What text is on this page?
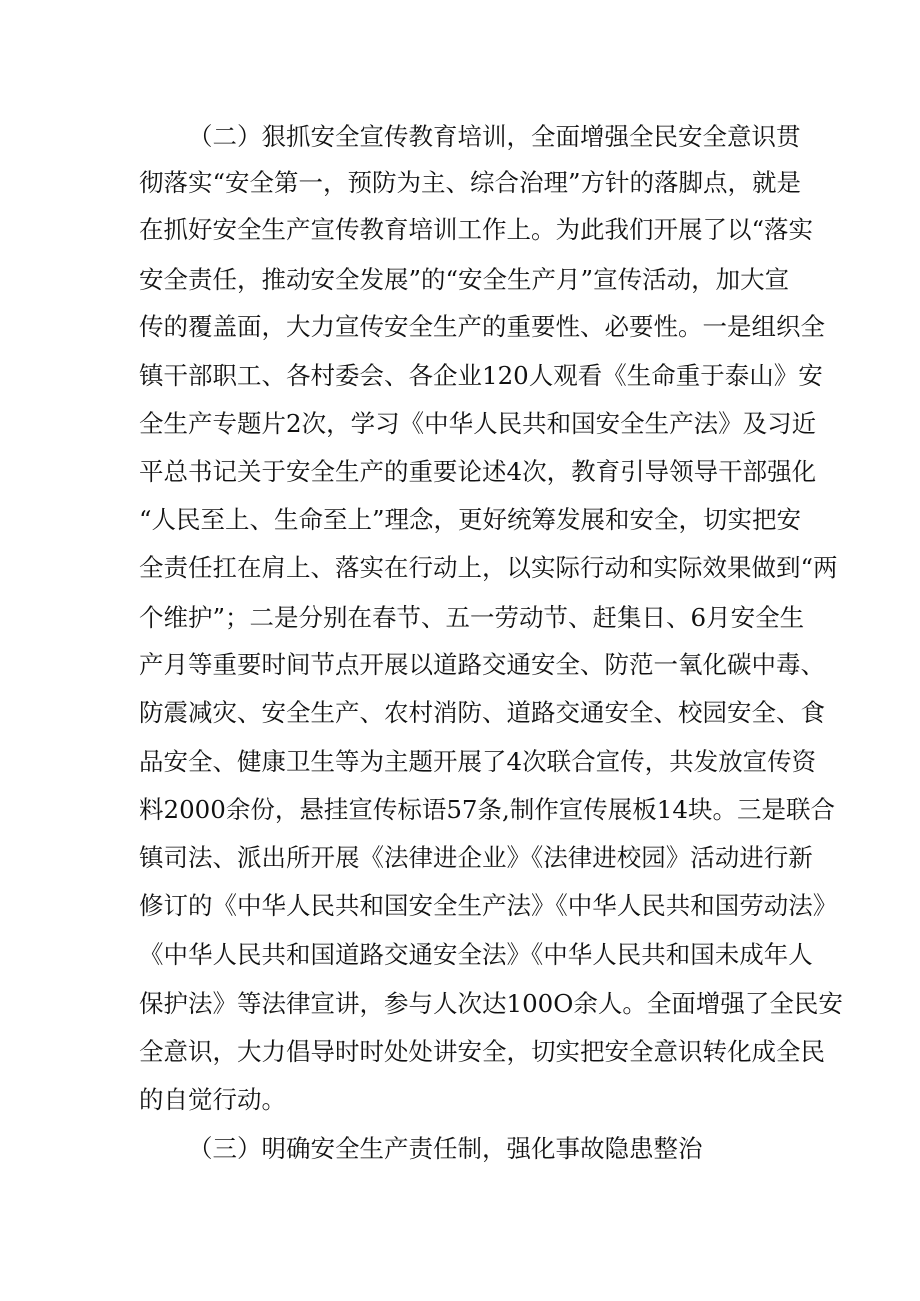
（二）狠抓安全宣传教育培训，全面增强全民安全意识贯
彻落实“安全第一，预防为主、综合治理”方针的落脚点，就是
在抓好安全生产宣传教育培训工作上。为此我们开展了以“落实
安全责任，推动安全发展”的“安全生产月”宣传活动，加大宣
传的覆盖面，大力宣传安全生产的重要性、必要性。一是组织全
镇干部职工、各村委会、各企业120人观看《生命重于泰山》安
全生产专题片2次，学习《中华人民共和国安全生产法》及习近
平总书记关于安全生产的重要论述4次，教育引导领导干部强化
“人民至上、生命至上”理念，更好统筹发展和安全，切实把安
全责任扛在肩上、落实在行动上，以实际行动和实际效果做到“两
个维护”；二是分别在春节、五一劳动节、赶集日、6月安全生
产月等重要时间节点开展以道路交通安全、防范一氧化碳中毒、
防震减灾、安全生产、农村消防、道路交通安全、校园安全、食
品安全、健康卫生等为主题开展了4次联合宣传，共发放宣传资
料2000余份，悬挂宣传标语57条,制作宣传展板14块。三是联合
镇司法、派出所开展《法律进企业》《法律进校园》活动进行新
修订的《中华人民共和国安全生产法》《中华人民共和国劳动法》
《中华人民共和国道路交通安全法》《中华人民共和国未成年人
保护法》等法律宣讲，参与人次达100O余人。全面增强了全民安
全意识，大力倡导时时处处讲安全，切实把安全意识转化成全民
的自觉行动。
（三）明确安全生产责任制，强化事故隐患整治
